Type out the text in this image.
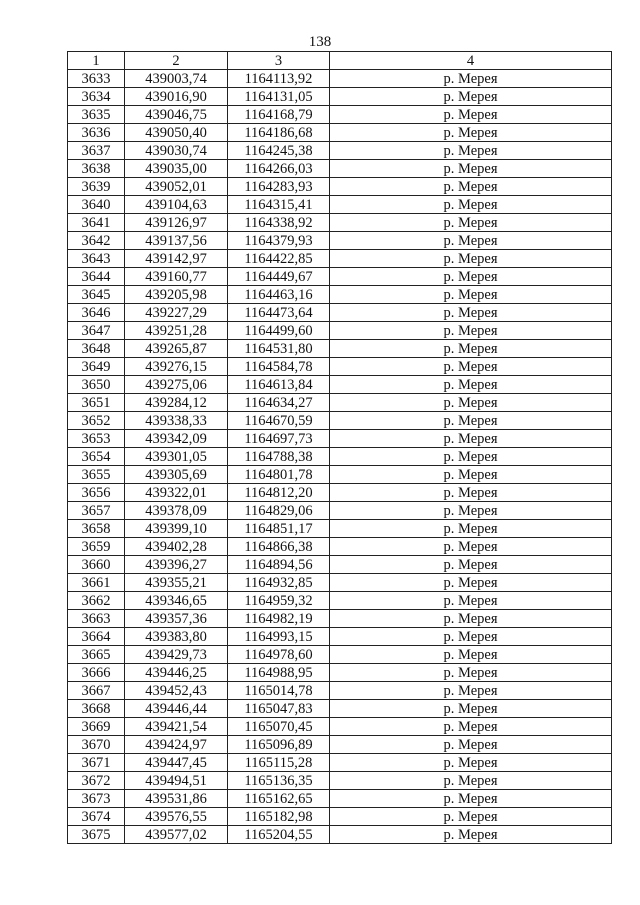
138
1	2	3	4
3633	439003,74	1164113,92	р. Мерея
3634	439016,90	1164131,05	р. Мерея
3635	439046,75	1164168,79	р. Мерея
3636	439050,40	1164186,68	р. Мерея
3637	439030,74	1164245,38	р. Мерея
3638	439035,00	1164266,03	р. Мерея
3639	439052,01	1164283,93	р. Мерея
3640	439104,63	1164315,41	р. Мерея
3641	439126,97	1164338,92	р. Мерея
3642	439137,56	1164379,93	р. Мерея
3643	439142,97	1164422,85	р. Мерея
3644	439160,77	1164449,67	р. Мерея
3645	439205,98	1164463,16	р. Мерея
3646	439227,29	1164473,64	р. Мерея
3647	439251,28	1164499,60	р. Мерея
3648	439265,87	1164531,80	р. Мерея
3649	439276,15	1164584,78	р. Мерея
3650	439275,06	1164613,84	р. Мерея
3651	439284,12	1164634,27	р. Мерея
3652	439338,33	1164670,59	р. Мерея
3653	439342,09	1164697,73	р. Мерея
3654	439301,05	1164788,38	р. Мерея
3655	439305,69	1164801,78	р. Мерея
3656	439322,01	1164812,20	р. Мерея
3657	439378,09	1164829,06	р. Мерея
3658	439399,10	1164851,17	р. Мерея
3659	439402,28	1164866,38	р. Мерея
3660	439396,27	1164894,56	р. Мерея
3661	439355,21	1164932,85	р. Мерея
3662	439346,65	1164959,32	р. Мерея
3663	439357,36	1164982,19	р. Мерея
3664	439383,80	1164993,15	р. Мерея
3665	439429,73	1164978,60	р. Мерея
3666	439446,25	1164988,95	р. Мерея
3667	439452,43	1165014,78	р. Мерея
3668	439446,44	1165047,83	р. Мерея
3669	439421,54	1165070,45	р. Мерея
3670	439424,97	1165096,89	р. Мерея
3671	439447,45	1165115,28	р. Мерея
3672	439494,51	1165136,35	р. Мерея
3673	439531,86	1165162,65	р. Мерея
3674	439576,55	1165182,98	р. Мерея
3675	439577,02	1165204,55	р. Мерея
